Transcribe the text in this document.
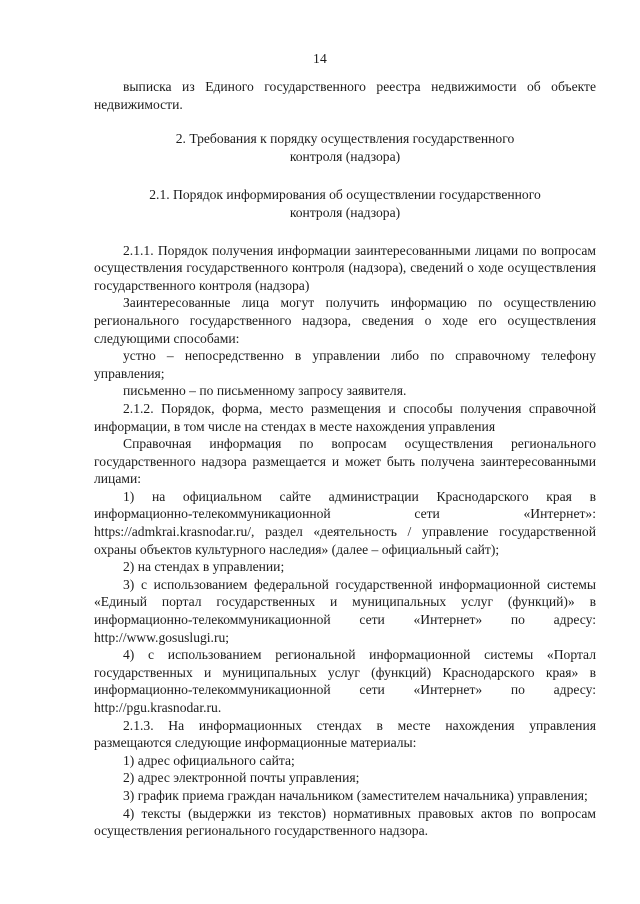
14

выписка из Единого государственного реестра недвижимости об объекте недвижимости.

2. Требования к порядку осуществления государственного
контроля (надзора)
2.1. Порядок информирования об осуществлении государственного
контроля (надзора)

2.1.1. Порядок получения информации заинтересованными лицами по вопросам осуществления государственного контроля (надзора), сведений о ходе осуществления государственного контроля (надзора)

Заинтересованные лица могут получить информацию по осуществлению регионального государственного надзора, сведения о ходе его осуществления следующими способами:

устно – непосредственно в управлении либо по справочному телефону управления;

письменно – по письменному запросу заявителя.

2.1.2. Порядок, форма, место размещения и способы получения справочной информации, в том числе на стендах в месте нахождения управления

Справочная информация по вопросам осуществления регионального государственного надзора размещается и может быть получена заинтересованными лицами:

1) на официальном сайте администрации Краснодарского края в информационно-телекоммуникационной сети «Интернет»: https://admkrai.krasnodar.ru/, раздел «деятельность / управление государственной охраны объектов культурного наследия» (далее – официальный сайт);

2) на стендах в управлении;

3) с использованием федеральной государственной информационной системы «Единый портал государственных и муниципальных услуг (функций)» в информационно-телекоммуникационной сети «Интернет» по адресу: http://www.gosuslugi.ru;

4) с использованием региональной информационной системы «Портал государственных и муниципальных услуг (функций) Краснодарского края» в информационно-телекоммуникационной сети «Интернет» по адресу: http://pgu.krasnodar.ru.

2.1.3. На информационных стендах в месте нахождения управления размещаются следующие информационные материалы:

1) адрес официального сайта;

2) адрес электронной почты управления;

3) график приема граждан начальником (заместителем начальника) управления;

4) тексты (выдержки из текстов) нормативных правовых актов по вопросам осуществления регионального государственного надзора.
